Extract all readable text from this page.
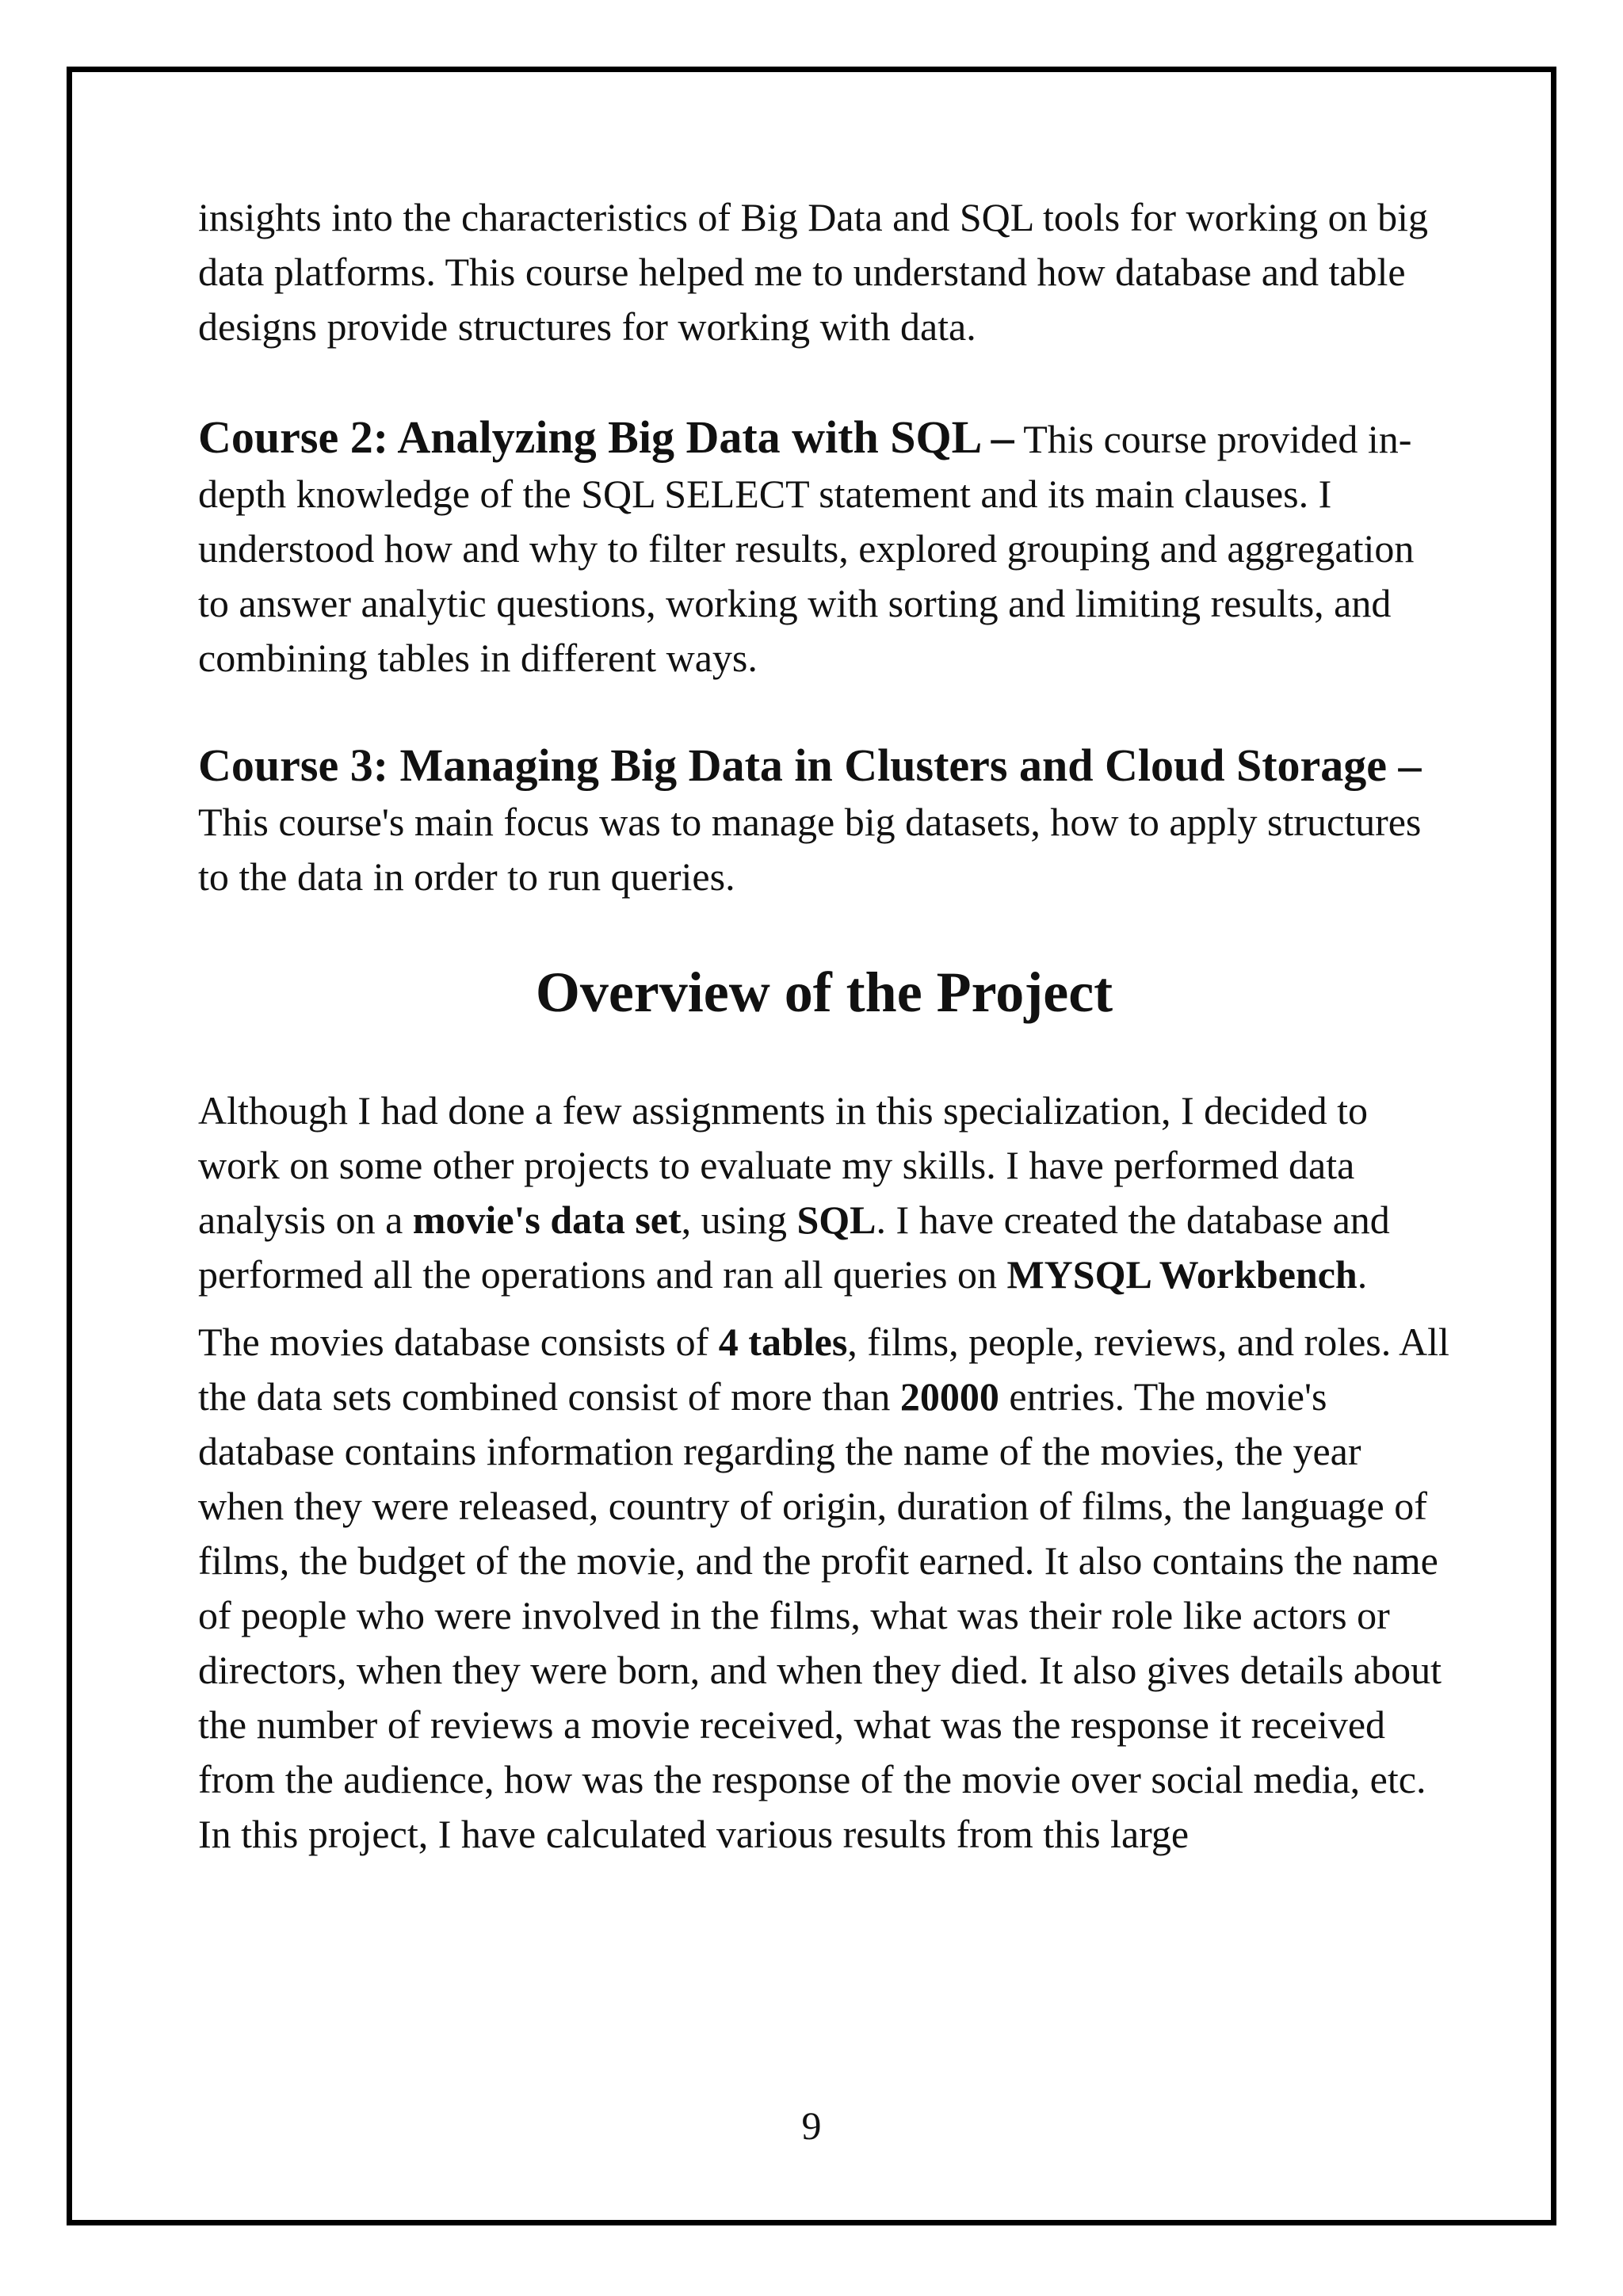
insights into the characteristics of Big Data and SQL tools for working on big data platforms. This course helped me to understand how database and table designs provide structures for working with data.

Course 2: Analyzing Big Data with SQL – This course provided in-depth knowledge of the SQL SELECT statement and its main clauses. I understood how and why to filter results, explored grouping and aggregation to answer analytic questions, working with sorting and limiting results, and combining tables in different ways.

Course 3: Managing Big Data in Clusters and Cloud Storage – This course's main focus was to manage big datasets, how to apply structures to the data in order to run queries.

Overview of the Project

Although I had done a few assignments in this specialization, I decided to work on some other projects to evaluate my skills. I have performed data analysis on a movie's data set, using SQL. I have created the database and performed all the operations and ran all queries on MYSQL Workbench.

The movies database consists of 4 tables, films, people, reviews, and roles. All the data sets combined consist of more than 20000 entries. The movie's database contains information regarding the name of the movies, the year when they were released, country of origin, duration of films, the language of films, the budget of the movie, and the profit earned. It also contains the name of people who were involved in the films, what was their role like actors or directors, when they were born, and when they died. It also gives details about the number of reviews a movie received, what was the response it received from the audience, how was the response of the movie over social media, etc. In this project, I have calculated various results from this large

9
